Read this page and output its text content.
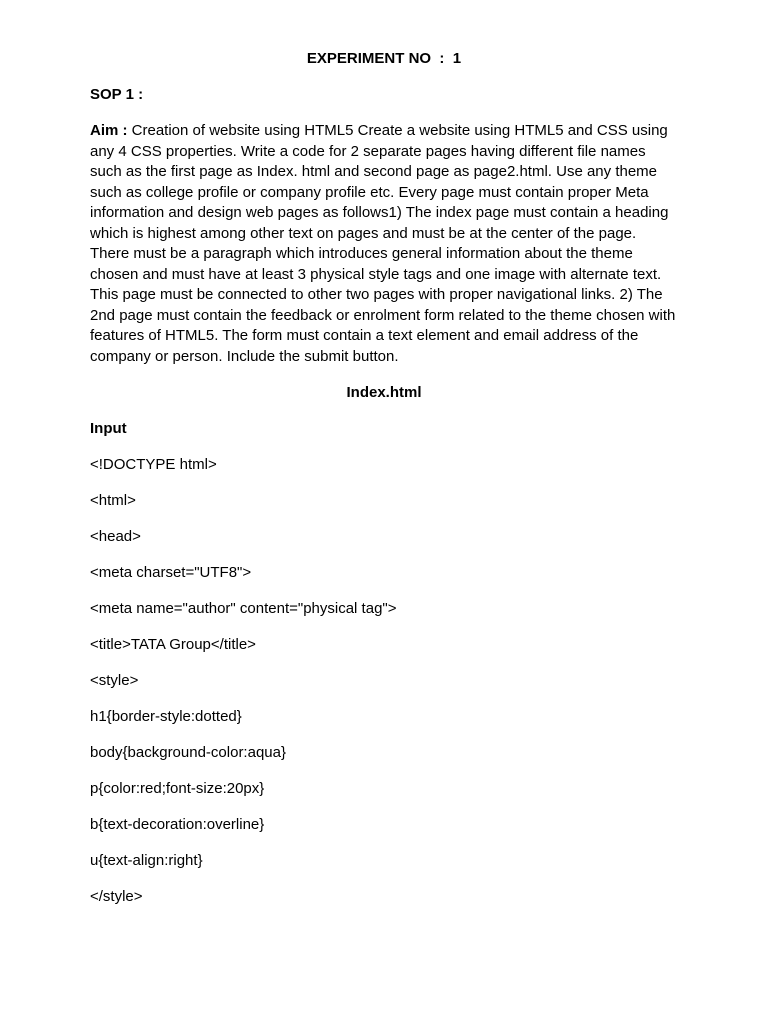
EXPERIMENT NO  :  1
SOP 1 :

Aim : Creation of website using HTML5 Create a website using HTML5 and CSS using any 4 CSS properties. Write a code for 2 separate pages having different file names such as the first page as Index. html and second page as page2.html. Use any theme such as college profile or company profile etc. Every page must contain proper Meta information and design web pages as follows1) The index page must contain a heading which is highest among other text on pages and must be at the center of the page. There must be a paragraph which introduces general information about the theme chosen and must have at least 3 physical style tags and one image with alternate text. This page must be connected to other two pages with proper navigational links. 2) The 2nd page must contain the feedback or enrolment form related to the theme chosen with features of HTML5. The form must contain a text element and email address of the company or person. Include the submit button.

Index.html
Input
<!DOCTYPE html>
<html>
<head>
<meta charset="UTF8">
<meta name="author" content="physical tag">
<title>TATA Group</title>
<style>
h1{border-style:dotted}
body{background-color:aqua}
p{color:red;font-size:20px}
b{text-decoration:overline}
u{text-align:right}
</style>
